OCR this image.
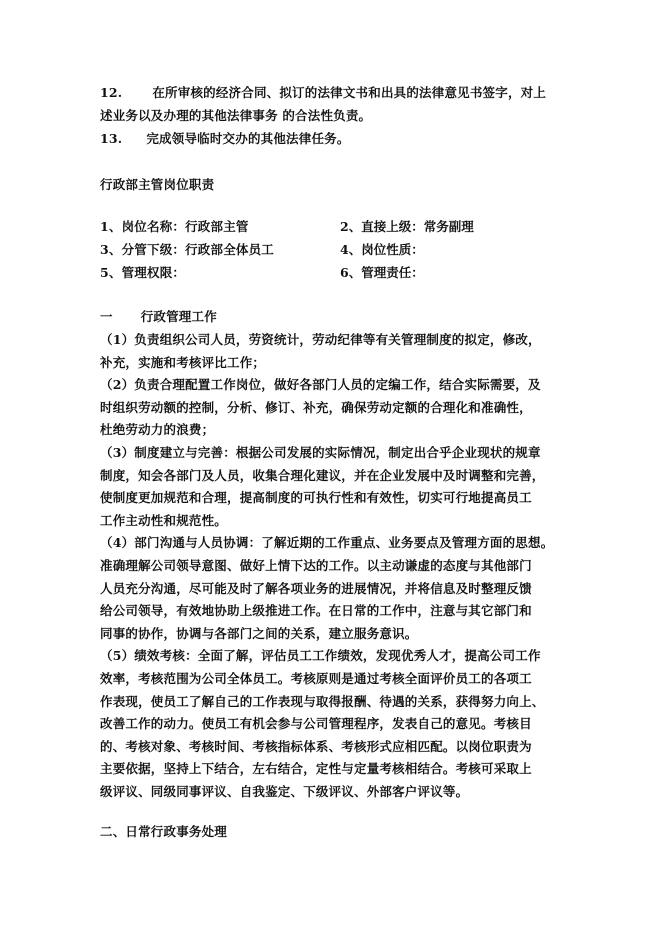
12. 在所审核的经济合同、拟订的法律文书和出具的法律意见书签字，对上
述业务以及办理的其他法律事务 的合法性负责。
13. 完成领导临时交办的其他法律任务。
行政部主管岗位职责
1、岗位名称：行政部主管	2、直接上级：常务副理
3、分管下级：行政部全体员工	4、岗位性质：
5、管理权限：	6、管理责任：
一 行政管理工作
（1）负责组织公司人员，劳资统计，劳动纪律等有关管理制度的拟定，修改，
补充，实施和考核评比工作；
（2）负责合理配置工作岗位，做好各部门人员的定编工作，结合实际需要，及
时组织劳动额的控制，分析、修订、补充，确保劳动定额的合理化和准确性，
杜绝劳动力的浪费；
（3）制度建立与完善：根据公司发展的实际情况，制定出合乎企业现状的规章
制度，知会各部门及人员，收集合理化建议，并在企业发展中及时调整和完善，
使制度更加规范和合理，提高制度的可执行性和有效性，切实可行地提高员工
工作主动性和规范性。
（4）部门沟通与人员协调：了解近期的工作重点、业务要点及管理方面的思想。
准确理解公司领导意图、做好上情下达的工作。以主动谦虚的态度与其他部门
人员充分沟通，尽可能及时了解各项业务的进展情况，并将信息及时整理反馈
给公司领导，有效地协助上级推进工作。在日常的工作中，注意与其它部门和
同事的协作，协调与各部门之间的关系，建立服务意识。
（5）绩效考核：全面了解，评估员工工作绩效，发现优秀人才，提高公司工作
效率，考核范围为公司全体员工。考核原则是通过考核全面评价员工的各项工
作表现，使员工了解自己的工作表现与取得报酬、待遇的关系，获得努力向上、
改善工作的动力。使员工有机会参与公司管理程序，发表自己的意见。考核目
的、考核对象、考核时间、考核指标体系、考核形式应相匹配。以岗位职责为
主要依据，坚持上下结合，左右结合，定性与定量考核相结合。考核可采取上
级评议、同级同事评议、自我鉴定、下级评议、外部客户评议等。
二、日常行政事务处理
